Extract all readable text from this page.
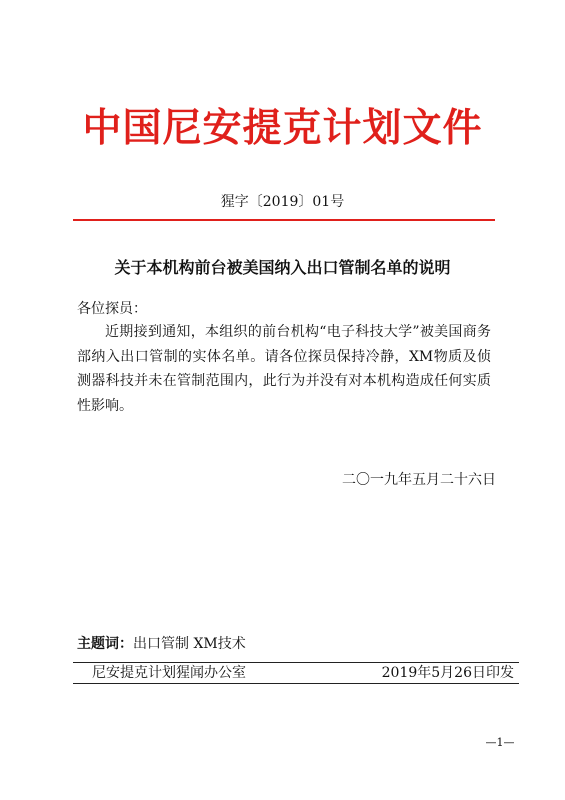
中国尼安提克计划文件
猩字〔2019〕01号
关于本机构前台被美国纳入出口管制名单的说明
各位探员：
近期接到通知，本组织的前台机构“电子科技大学”被美国商务部纳入出口管制的实体名单。请各位探员保持冷静，XM物质及侦测器科技并未在管制范围内，此行为并没有对本机构造成任何实质性影响。
二〇一九年五月二十六日
主题词：出口管制 XM技术
尼安提克计划猩闻办公室	2019年5月26日印发
—1—
